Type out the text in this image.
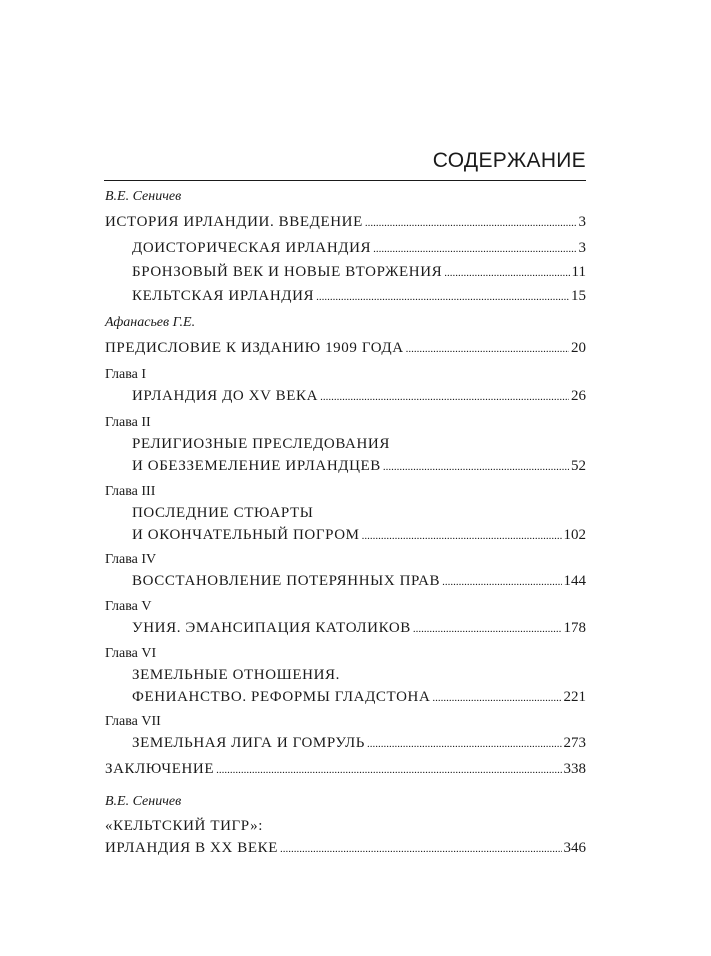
СОДЕРЖАНИЕ
В.Е. Сеничев
ИСТОРИЯ ИРЛАНДИИ. ВВЕДЕНИЕ .....	3
ДОИСТОРИЧЕСКАЯ ИРЛАНДИЯ .....	3
БРОНЗОВЫЙ ВЕК И НОВЫЕ ВТОРЖЕНИЯ .....	11
КЕЛЬТСКАЯ ИРЛАНДИЯ .....	15
Афанасьев Г.Е.
ПРЕДИСЛОВИЕ К ИЗДАНИЮ 1909 ГОДА .....	20
Глава I
ИРЛАНДИЯ ДО XV ВЕКА .....	26
Глава II
РЕЛИГИОЗНЫЕ ПРЕСЛЕДОВАНИЯ
И ОБЕЗЗЕМЕЛЕНИЕ ИРЛАНДЦЕВ .....	52
Глава III
ПОСЛЕДНИЕ СТЮАРТЫ
И ОКОНЧАТЕЛЬНЫЙ ПОГРОМ .....	102
Глава IV
ВОССТАНОВЛЕНИЕ ПОТЕРЯННЫХ ПРАВ .....	144
Глава V
УНИЯ. ЭМАНСИПАЦИЯ КАТОЛИКОВ .....	178
Глава VI
ЗЕМЕЛЬНЫЕ ОТНОШЕНИЯ.
ФЕНИАНСТВО. РЕФОРМЫ ГЛАДСТОНА .....	221
Глава VII
ЗЕМЕЛЬНАЯ ЛИГА И ГОМРУЛЬ .....	273
ЗАКЛЮЧЕНИЕ .....	338
В.Е. Сеничев
«КЕЛЬТСКИЙ ТИГР»:
ИРЛАНДИЯ В XX ВЕКЕ .....	346
